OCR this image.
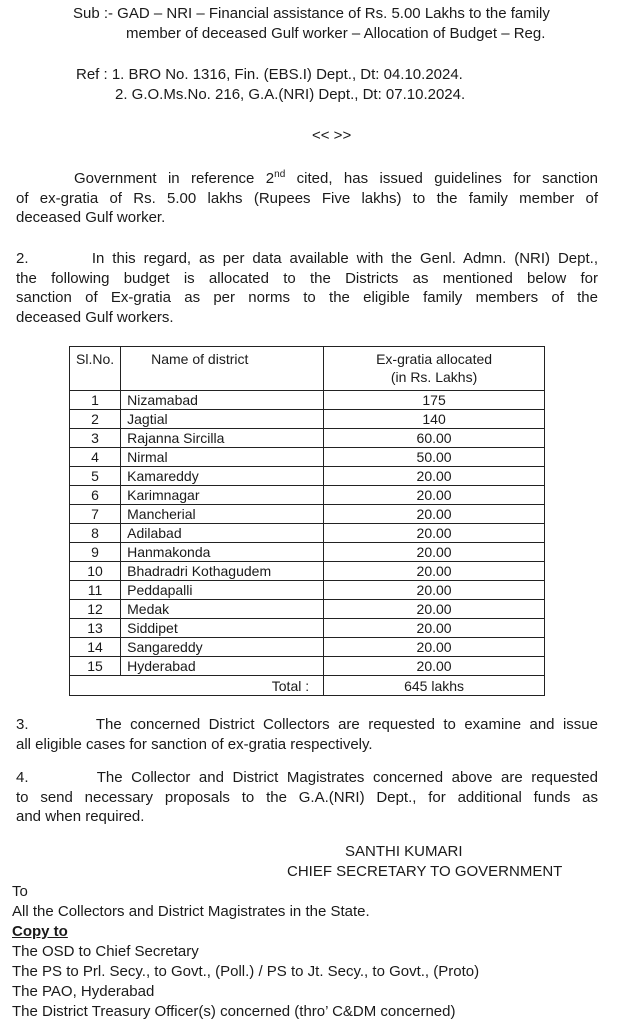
Sub :- GAD – NRI – Financial assistance of Rs. 5.00 Lakhs to the family
member of deceased Gulf worker – Allocation of Budget – Reg.
Ref : 1. BRO No. 1316, Fin. (EBS.I) Dept., Dt: 04.10.2024.
2. G.O.Ms.No. 216, G.A.(NRI) Dept., Dt: 07.10.2024.
<< >>
Government in reference 2nd cited, has issued guidelines for sanction
of ex-gratia of Rs. 5.00 lakhs (Rupees Five lakhs) to the family member of
deceased Gulf worker.
2.        In this regard, as per data available with the Genl. Admn. (NRI) Dept.,
the following budget is allocated to the Districts as mentioned below for
sanction of Ex-gratia as per norms to the eligible family members of the
deceased Gulf workers.
Sl.No.	Name of district	Ex-gratia allocated
(in Rs. Lakhs)

1	Nizamabad	175
2	Jagtial	140
3	Rajanna Sircilla	60.00
4	Nirmal	50.00
5	Kamareddy	20.00
6	Karimnagar	20.00
7	Mancherial	20.00
8	Adilabad	20.00
9	Hanmakonda	20.00
10	Bhadradri Kothagudem	20.00
11	Peddapalli	20.00
12	Medak	20.00
13	Siddipet	20.00
14	Sangareddy	20.00
15	Hyderabad	20.00
Total :		645 lakhs
3.        The concerned District Collectors are requested to examine and issue
all eligible cases for sanction of ex-gratia respectively.
4.        The Collector and District Magistrates concerned above are requested
to send necessary proposals to the G.A.(NRI) Dept., for additional funds as
and when required.
SANTHI KUMARI
CHIEF SECRETARY TO GOVERNMENT
To
All the Collectors and District Magistrates in the State.
Copy to
The OSD to Chief Secretary
The PS to Prl. Secy., to Govt., (Poll.) / PS to Jt. Secy., to Govt., (Proto)
The PAO, Hyderabad
The District Treasury Officer(s) concerned (thro’ C&DM concerned)
